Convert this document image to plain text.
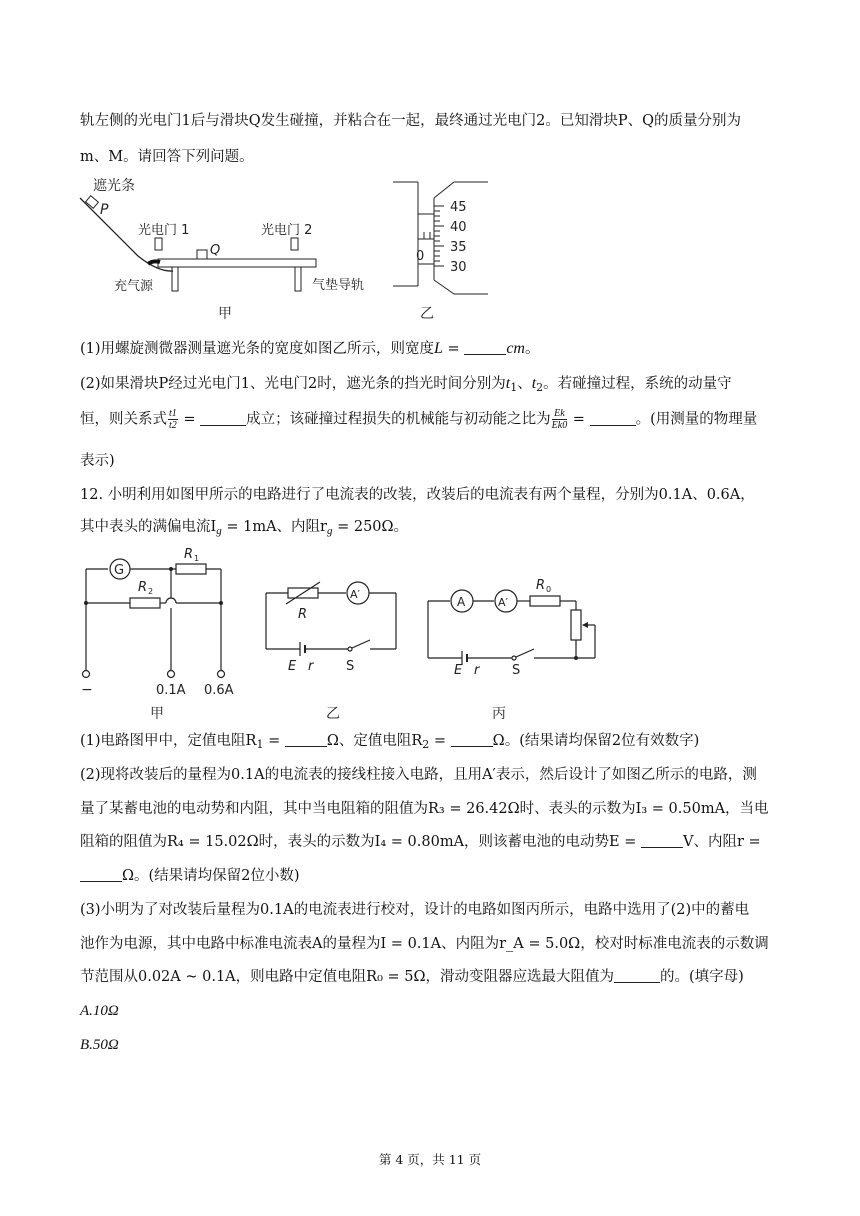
轨左侧的光电门1后与滑块Q发生碰撞，并粘合在一起，最终通过光电门2。已知滑块P、Q的质量分别为
m、M。请回答下列问题。
遮光条
P
光电门 1	光电门 2
Q
充气源	气垫导轨
甲
45
40
35
30
0
乙
(1)用螺旋测微器测量遮光条的宽度如图乙所示，则宽度L =	cm。
(2)如果滑块P经过光电门1、光电门2时，遮光条的挡光时间分别为$t_1$、$t_2$。若碰撞过程，系统的动量守
恒，则关系式 $\frac{t1}{t2}$ =	成立；该碰撞过程损失的机械能与初动能之比为 $\frac{Ek}{Ek0}$ =	。(用测量的物理量
表示)
12. 小明利用如图甲所示的电路进行了电流表的改装，改装后的电流表有两个量程，分别为0.1A、0.6A，
其中表头的满偏电流$I_g = 1mA$、内阻$r_g = 250\Omega$。
G
R 1
R 2
−	0.1A 0.6A
甲
R
A′
E r	S
乙
A	A′
R 0
E r	S
丙
(1)电路图甲中，定值电阻$R_1$ =	Ω、定值电阻$R_2$ =	Ω。(结果请均保留2位有效数字)
(2)现将改装后的量程为0.1A的电流表的接线柱接入电路，且用A′表示，然后设计了如图乙所示的电路，测
量了某蓄电池的电动势和内阻，其中当电阻箱的阻值为R₃ = 26.42Ω时、表头的示数为I₃ = 0.50mA，当电
阻箱的阻值为R₄ = 15.02Ω时，表头的示数为I₄ = 0.80mA，则该蓄电池的电动势E =	V、内阻r =
Ω。(结果请均保留2位小数)
(3)小明为了对改装后量程为0.1A的电流表进行校对，设计的电路如图丙所示，电路中选用了(2)中的蓄电
池作为电源，其中电路中标准电流表A的量程为I = 0.1A、内阻为r_A = 5.0Ω，校对时标准电流表的示数调
节范围从0.02A ~ 0.1A，则电路中定值电阻R₀ = 5Ω，滑动变阻器应选最大阻值为	的。(填字母)
A.10Ω
B.50Ω
第 4 页，共 11 页
